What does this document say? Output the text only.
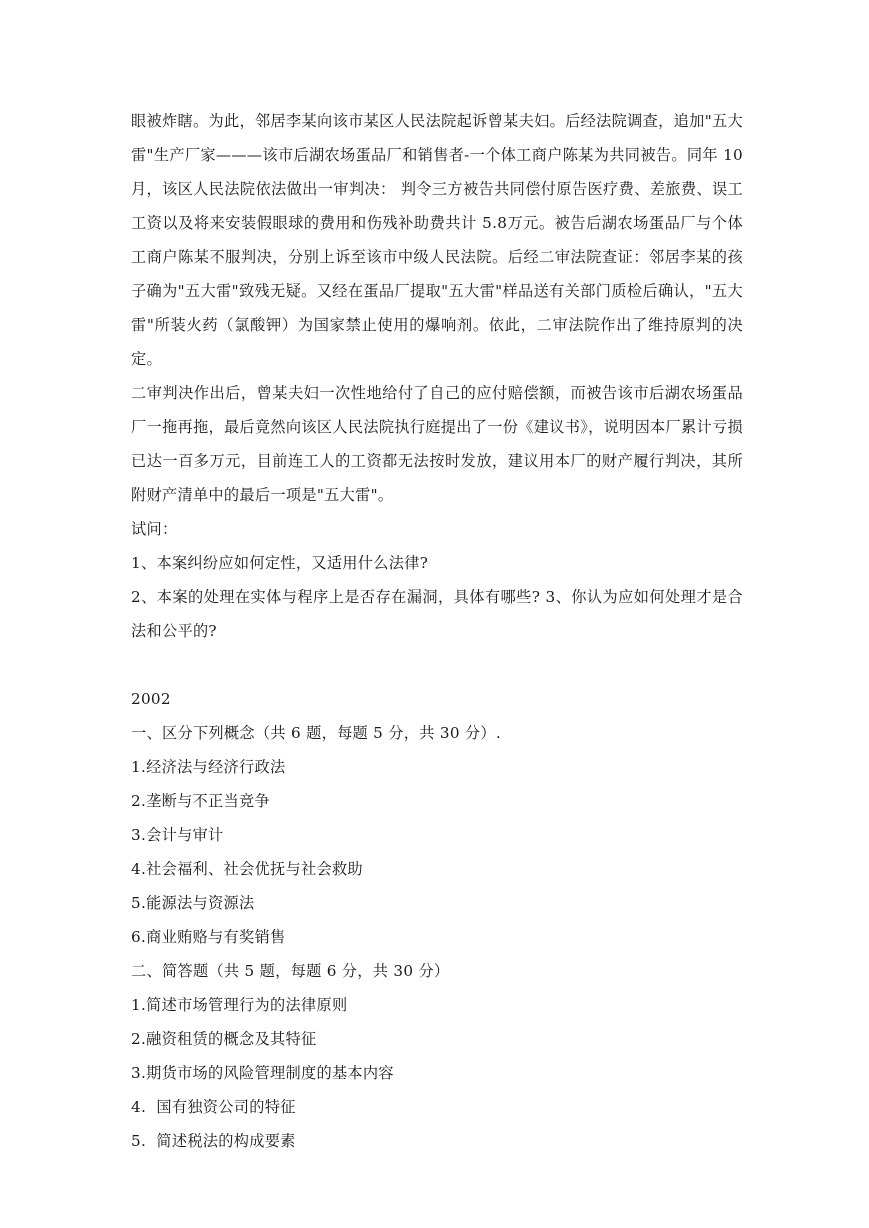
眼被炸瞎。为此，邻居李某向该市某区人民法院起诉曾某夫妇。后经法院调查，追加"五大雷"生产厂家———该市后湖农场蛋品厂和销售者-一个体工商户陈某为共同被告。同年 10 月，该区人民法院依法做出一审判决： 判令三方被告共同偿付原告医疗费、差旅费、误工工资以及将来安装假眼球的费用和伤残补助费共计 5.8万元。被告后湖农场蛋品厂与个体工商户陈某不服判决，分别上诉至该市中级人民法院。后经二审法院查证：邻居李某的孩子确为"五大雷"致残无疑。又经在蛋品厂提取"五大雷"样品送有关部门质检后确认，"五大雷"所装火药（氯酸钾）为国家禁止使用的爆响剂。依此，二审法院作出了维持原判的决定。

二审判决作出后，曾某夫妇一次性地给付了自己的应付赔偿额，而被告该市后湖农场蛋品厂一拖再拖，最后竟然向该区人民法院执行庭提出了一份《建议书》，说明因本厂累计亏损已达一百多万元，目前连工人的工资都无法按时发放，建议用本厂的财产履行判决，其所附财产清单中的最后一项是"五大雷"。

试问：

1、本案纠纷应如何定性，又适用什么法律?

2、本案的处理在实体与程序上是否存在漏洞，具体有哪些? 3、你认为应如何处理才是合法和公平的?

2002

一、区分下列概念（共 6 题，每题 5 分，共 30 分）.

1.经济法与经济行政法

2.垄断与不正当竞争

3.会计与审计

4.社会福利、社会优抚与社会救助

5.能源法与资源法

6.商业贿赂与有奖销售

二、简答题（共 5 题，每题 6 分，共 30 分）

1.简述市场管理行为的法律原则

2.融资租赁的概念及其特征

3.期货市场的风险管理制度的基本内容

4.  国有独资公司的特征

5.  简述税法的构成要素
